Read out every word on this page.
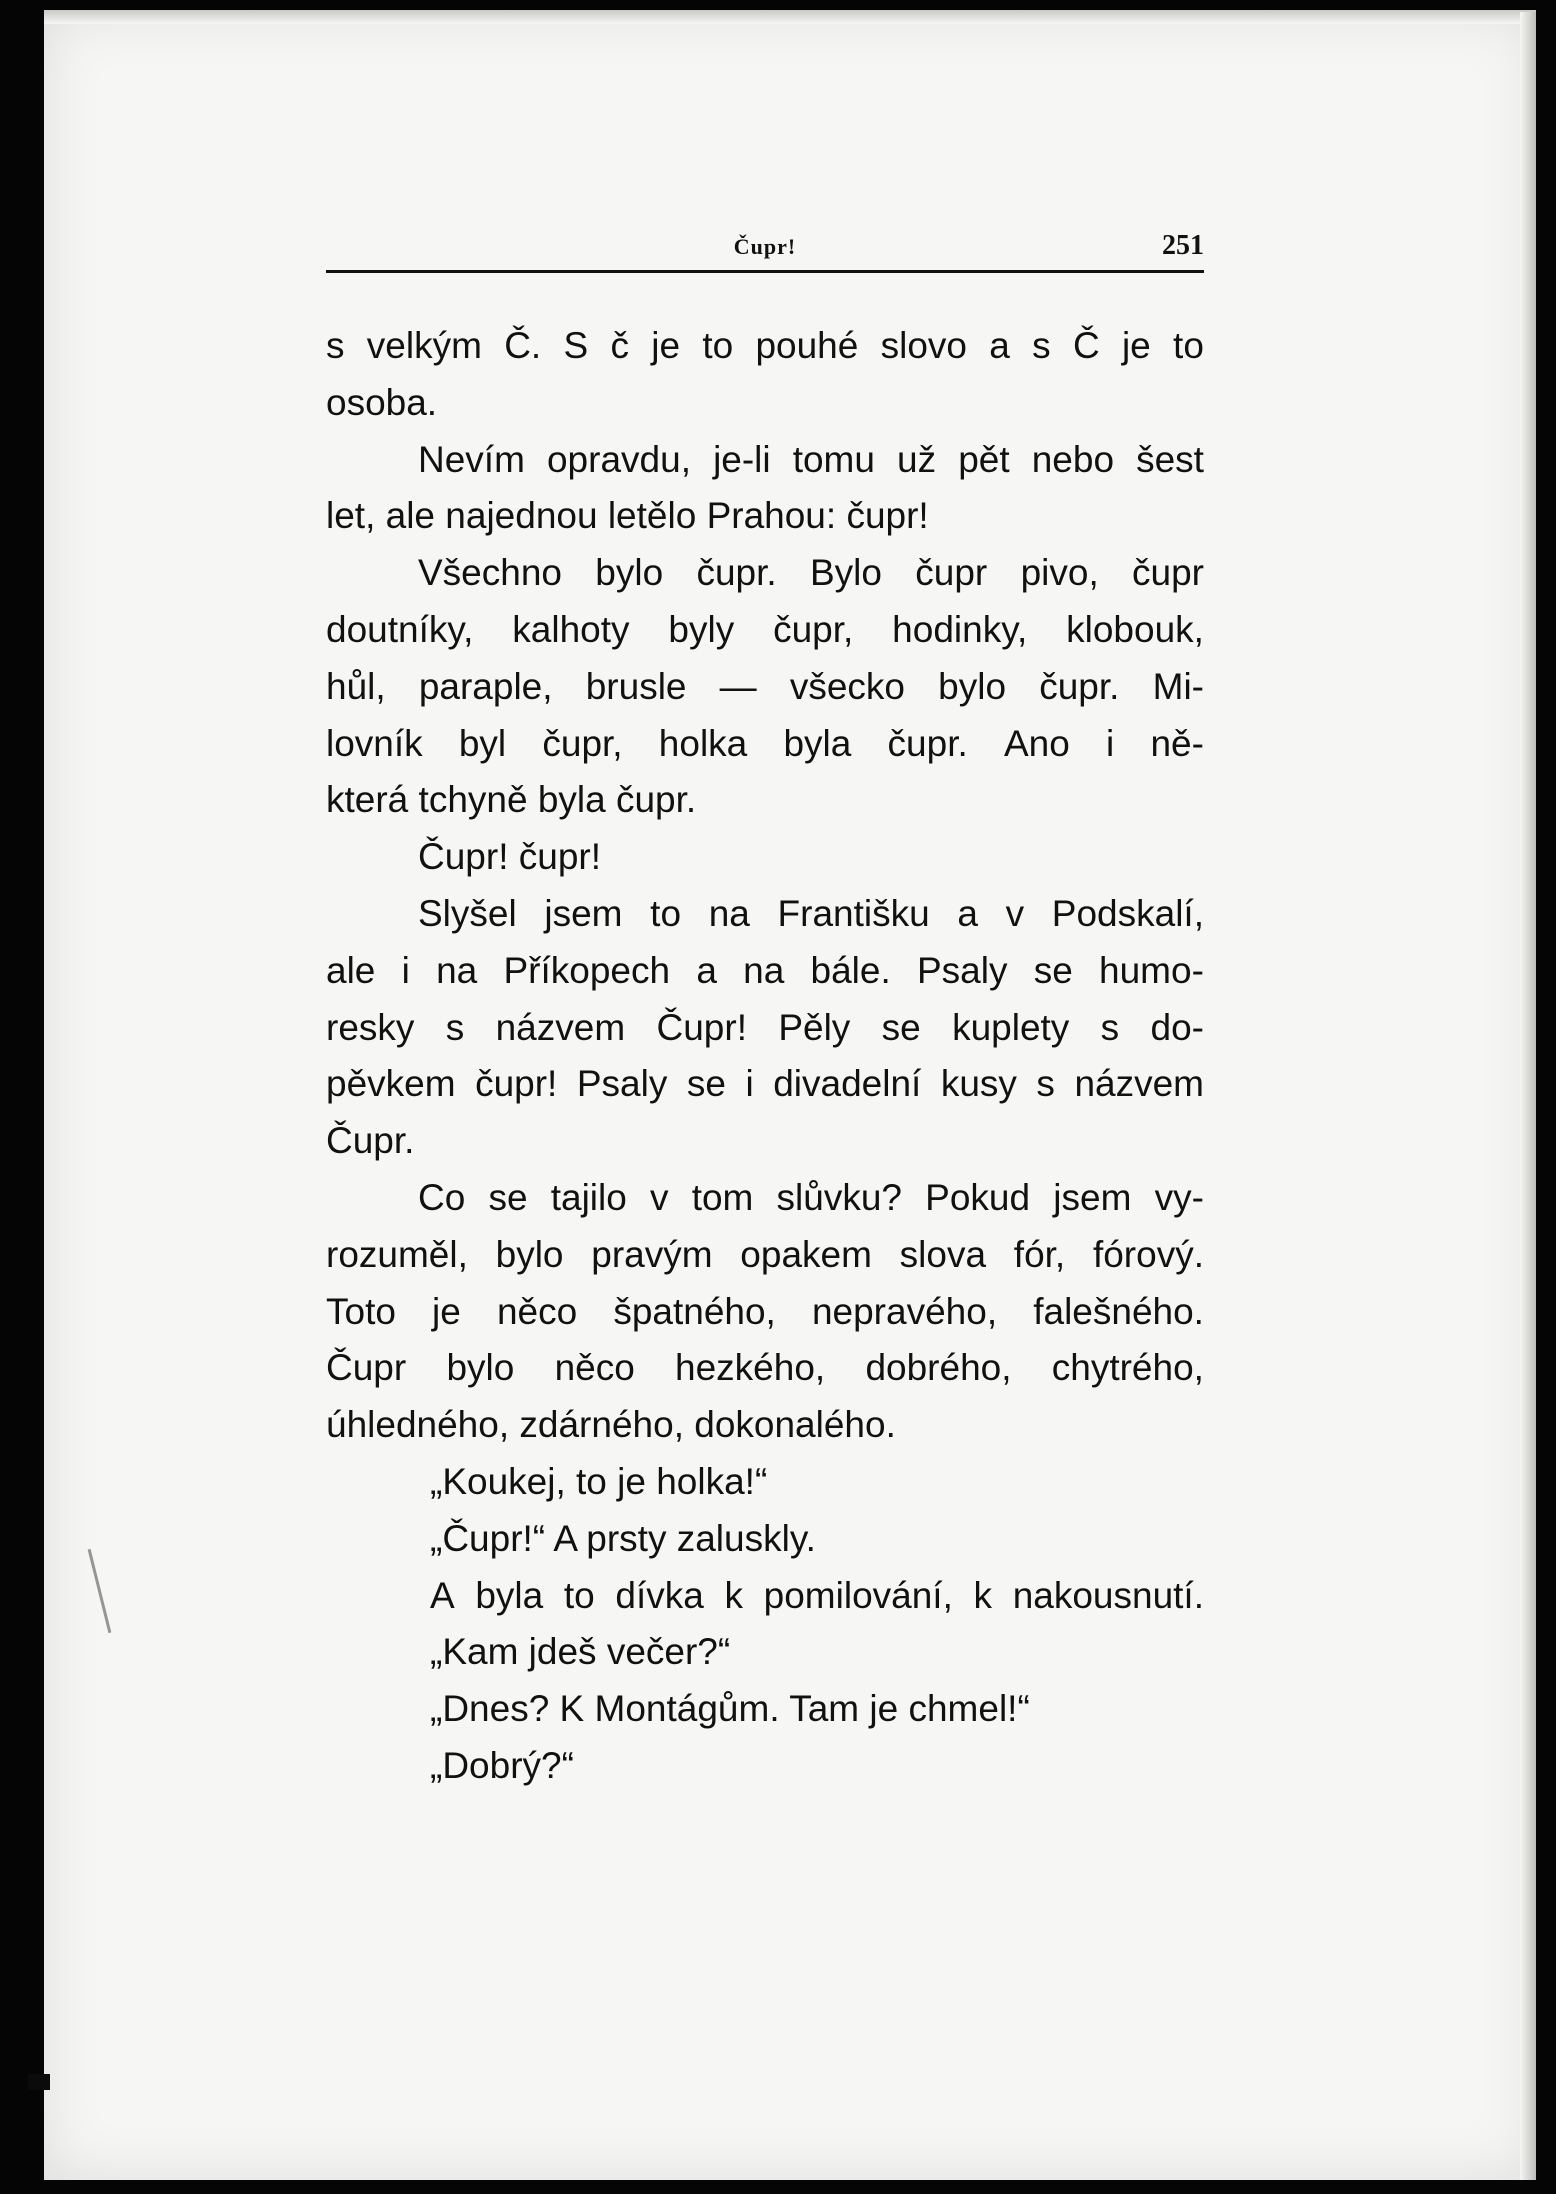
Čupr!	251
s velkým Č. S č je to pouhé slovo a s Č je to
osoba.
Nevím opravdu, je-li tomu už pět nebo šest
let, ale najednou letělo Prahou: čupr!
Všechno bylo čupr. Bylo čupr pivo, čupr
doutníky, kalhoty byly čupr, hodinky, klobouk,
hůl, paraple, brusle — všecko bylo čupr. Mi-
lovník byl čupr, holka byla čupr. Ano i ně-
která tchyně byla čupr.
Čupr! čupr!
Slyšel jsem to na Františku a v Podskalí,
ale i na Příkopech a na bále. Psaly se humo-
resky s názvem Čupr! Pěly se kuplety s do-
pěvkem čupr! Psaly se i divadelní kusy s názvem
Čupr.
Co se tajilo v tom slůvku? Pokud jsem vy-
rozuměl, bylo pravým opakem slova fór, fórový.
Toto je něco špatného, nepravého, falešného.
Čupr bylo něco hezkého, dobrého, chytrého,
úhledného, zdárného, dokonalého.
„Koukej, to je holka!“
„Čupr!“ A prsty zaluskly.
A byla to dívka k pomilování, k nakousnutí.
„Kam jdeš večer?“
„Dnes? K Montágům. Tam je chmel!“
„Dobrý?“
